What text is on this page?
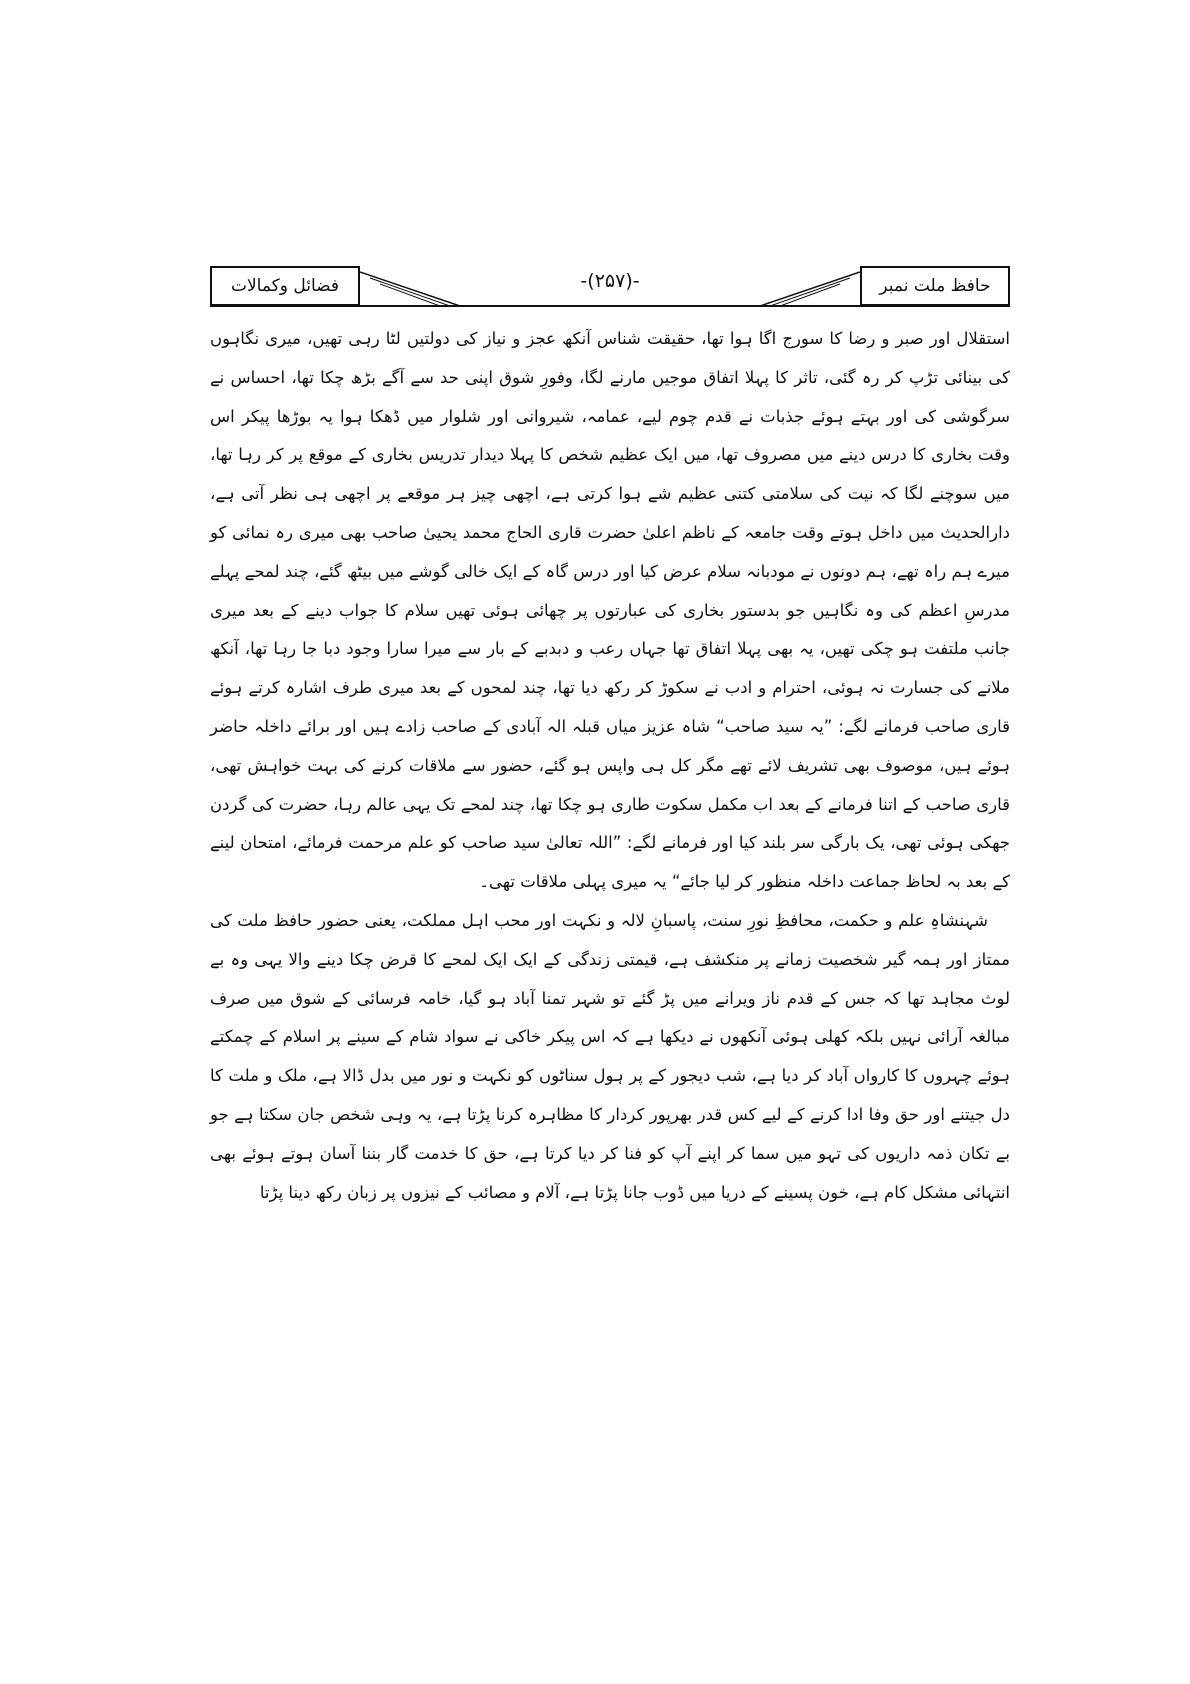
حافظ ملت نمبر
-(۲۵۷)-
فضائل وکمالات

استقلال اور صبر و رضا کا سورج اگا ہوا تھا، حقیقت شناس آنکھ عجز و نیاز کی دولتیں لٹا رہی تھیں، میری نگاہوں کی بینائی تڑپ کر رہ گئی، تاثر کا پہلا اتفاق موجیں مارنے لگا، وفورِ شوق اپنی حد سے آگے بڑھ چکا تھا، احساس نے سرگوشی کی اور بہتے ہوئے جذبات نے قدم چوم لیے، عمامہ، شیروانی اور شلوار میں ڈھکا ہوا یہ بوڑھا پیکر اس وقت بخاری کا درس دینے میں مصروف تھا، میں ایک عظیم شخص کا پہلا دیدار تدریس بخاری کے موقع پر کر رہا تھا، میں سوچنے لگا کہ نیت کی سلامتی کتنی عظیم شے ہوا کرتی ہے، اچھی چیز ہر موقعے پر اچھی ہی نظر آتی ہے، دارالحدیث میں داخل ہوتے وقت جامعہ کے ناظم اعلیٰ حضرت قاری الحاج محمد یحییٰ صاحب بھی میری رہ نمائی کو میرے ہم راہ تھے، ہم دونوں نے مودبانہ سلام عرض کیا اور درس گاہ کے ایک خالی گوشے میں بیٹھ گئے، چند لمحے پہلے مدرسِ اعظم کی وہ نگاہیں جو بدستور بخاری کی عبارتوں پر چھائی ہوئی تھیں سلام کا جواب دینے کے بعد میری جانب ملتفت ہو چکی تھیں، یہ بھی پہلا اتفاق تھا جہاں رعب و دبدبے کے بار سے میرا سارا وجود دبا جا رہا تھا، آنکھ ملانے کی جسارت نہ ہوئی، احترام و ادب نے سکوڑ کر رکھ دیا تھا، چند لمحوں کے بعد میری طرف اشارہ کرتے ہوئے قاری صاحب فرمانے لگے: ”یہ سید صاحب“ شاہ عزیز میاں قبلہ الہ آبادی کے صاحب زادے ہیں اور برائے داخلہ حاضر ہوئے ہیں، موصوف بھی تشریف لائے تھے مگر کل ہی واپس ہو گئے، حضور سے ملاقات کرنے کی بہت خواہش تھی، قاری صاحب کے اتنا فرمانے کے بعد اب مکمل سکوت طاری ہو چکا تھا، چند لمحے تک یہی عالم رہا، حضرت کی گردن جھکی ہوئی تھی، یک بارگی سر بلند کیا اور فرمانے لگے: ”اللہ تعالیٰ سید صاحب کو علم مرحمت فرمائے، امتحان لینے کے بعد بہ لحاظ جماعت داخلہ منظور کر لیا جائے“ یہ میری پہلی ملاقات تھی۔

شہنشاہِ علم و حکمت، محافظِ نورِ سنت، پاسبانِ لالہ و نکہت اور محب اہل مملکت، یعنی حضور حافظ ملت کی ممتاز اور ہمہ گیر شخصیت زمانے پر منکشف ہے، قیمتی زندگی کے ایک ایک لمحے کا قرض چکا دینے والا یہی وہ بے لوث مجاہد تھا کہ جس کے قدم ناز ویرانے میں پڑ گئے تو شہر تمنا آباد ہو گیا، خامہ فرسائی کے شوق میں صرف مبالغہ آرائی نہیں بلکہ کھلی ہوئی آنکھوں نے دیکھا ہے کہ اس پیکر خاکی نے سواد شام کے سینے پر اسلام کے چمکتے ہوئے چہروں کا کارواں آباد کر دیا ہے، شب دیجور کے پر ہول سناٹوں کو نکہت و نور میں بدل ڈالا ہے، ملک و ملت کا دل جیتنے اور حق وفا ادا کرنے کے لیے کس قدر بھرپور کردار کا مظاہرہ کرنا پڑتا ہے، یہ وہی شخص جان سکتا ہے جو بے تکان ذمہ داریوں کی تہو میں سما کر اپنے آپ کو فنا کر دیا کرتا ہے، حق کا خدمت گار بننا آسان ہوتے ہوئے بھی انتہائی مشکل کام ہے، خون پسینے کے دریا میں ڈوب جانا پڑتا ہے، آلام و مصائب کے نیزوں پر زبان رکھ دینا پڑتا
